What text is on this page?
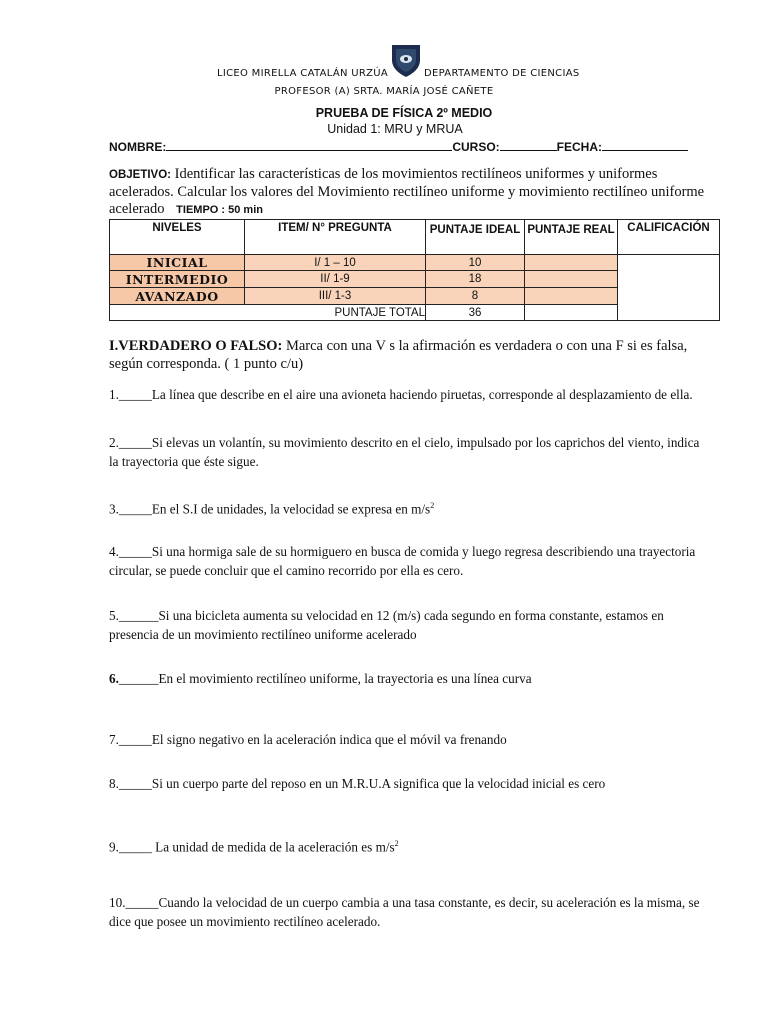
LICEO MIRELLA CATALÁN URZÚA	DEPARTAMENTO DE CIENCIAS
PROFESOR (A) SRTA. MARÍA JOSÉ CAÑETE
PRUEBA DE FÍSICA 2º MEDIO
Unidad 1: MRU y MRUA
NOMBRE:	CURSO:	FECHA:
OBJETIVO: Identificar las características de los movimientos rectilíneos uniformes y uniformes acelerados. Calcular los valores del Movimiento rectilíneo uniforme y movimiento rectilíneo uniforme acelerado TIEMPO : 50 min
NIVELES	ITEM/ N° PREGUNTA	PUNTAJE IDEAL	PUNTAJE REAL	CALIFICACIÓN
INICIAL	I/ 1 – 10	10		
INTERMEDIO	II/ 1-9	18		
AVANZADO	III/ 1-3	8		
	PUNTAJE TOTAL	36		
I.VERDADERO O FALSO: Marca con una V s la afirmación es verdadera o con una F si es falsa, según corresponda. ( 1 punto c/u)
1._____La línea que describe en el aire una avioneta haciendo piruetas, corresponde al desplazamiento de ella.
2._____Si elevas un volantín, su movimiento descrito en el cielo, impulsado por los caprichos del viento, indica la trayectoria que éste sigue.
3._____En el S.I de unidades, la velocidad se expresa en $m/s^2$
4._____Si una hormiga sale de su hormiguero en busca de comida y luego regresa describiendo una trayectoria circular, se puede concluir que el camino recorrido por ella es cero.
5.______Si una bicicleta aumenta su velocidad en 12 (m/s) cada segundo en forma constante, estamos en presencia de un movimiento rectilíneo uniforme acelerado
6.______En el movimiento rectilíneo uniforme, la trayectoria es una línea curva
7._____El signo negativo en la aceleración indica que el móvil va frenando
8._____Si un cuerpo parte del reposo en un M.R.U.A significa que la velocidad inicial es cero
9._____ La unidad de medida de la aceleración es $m/s^2$
10._____Cuando la velocidad de un cuerpo cambia a una tasa constante, es decir, su aceleración es la misma, se dice que posee un movimiento rectilíneo acelerado.
